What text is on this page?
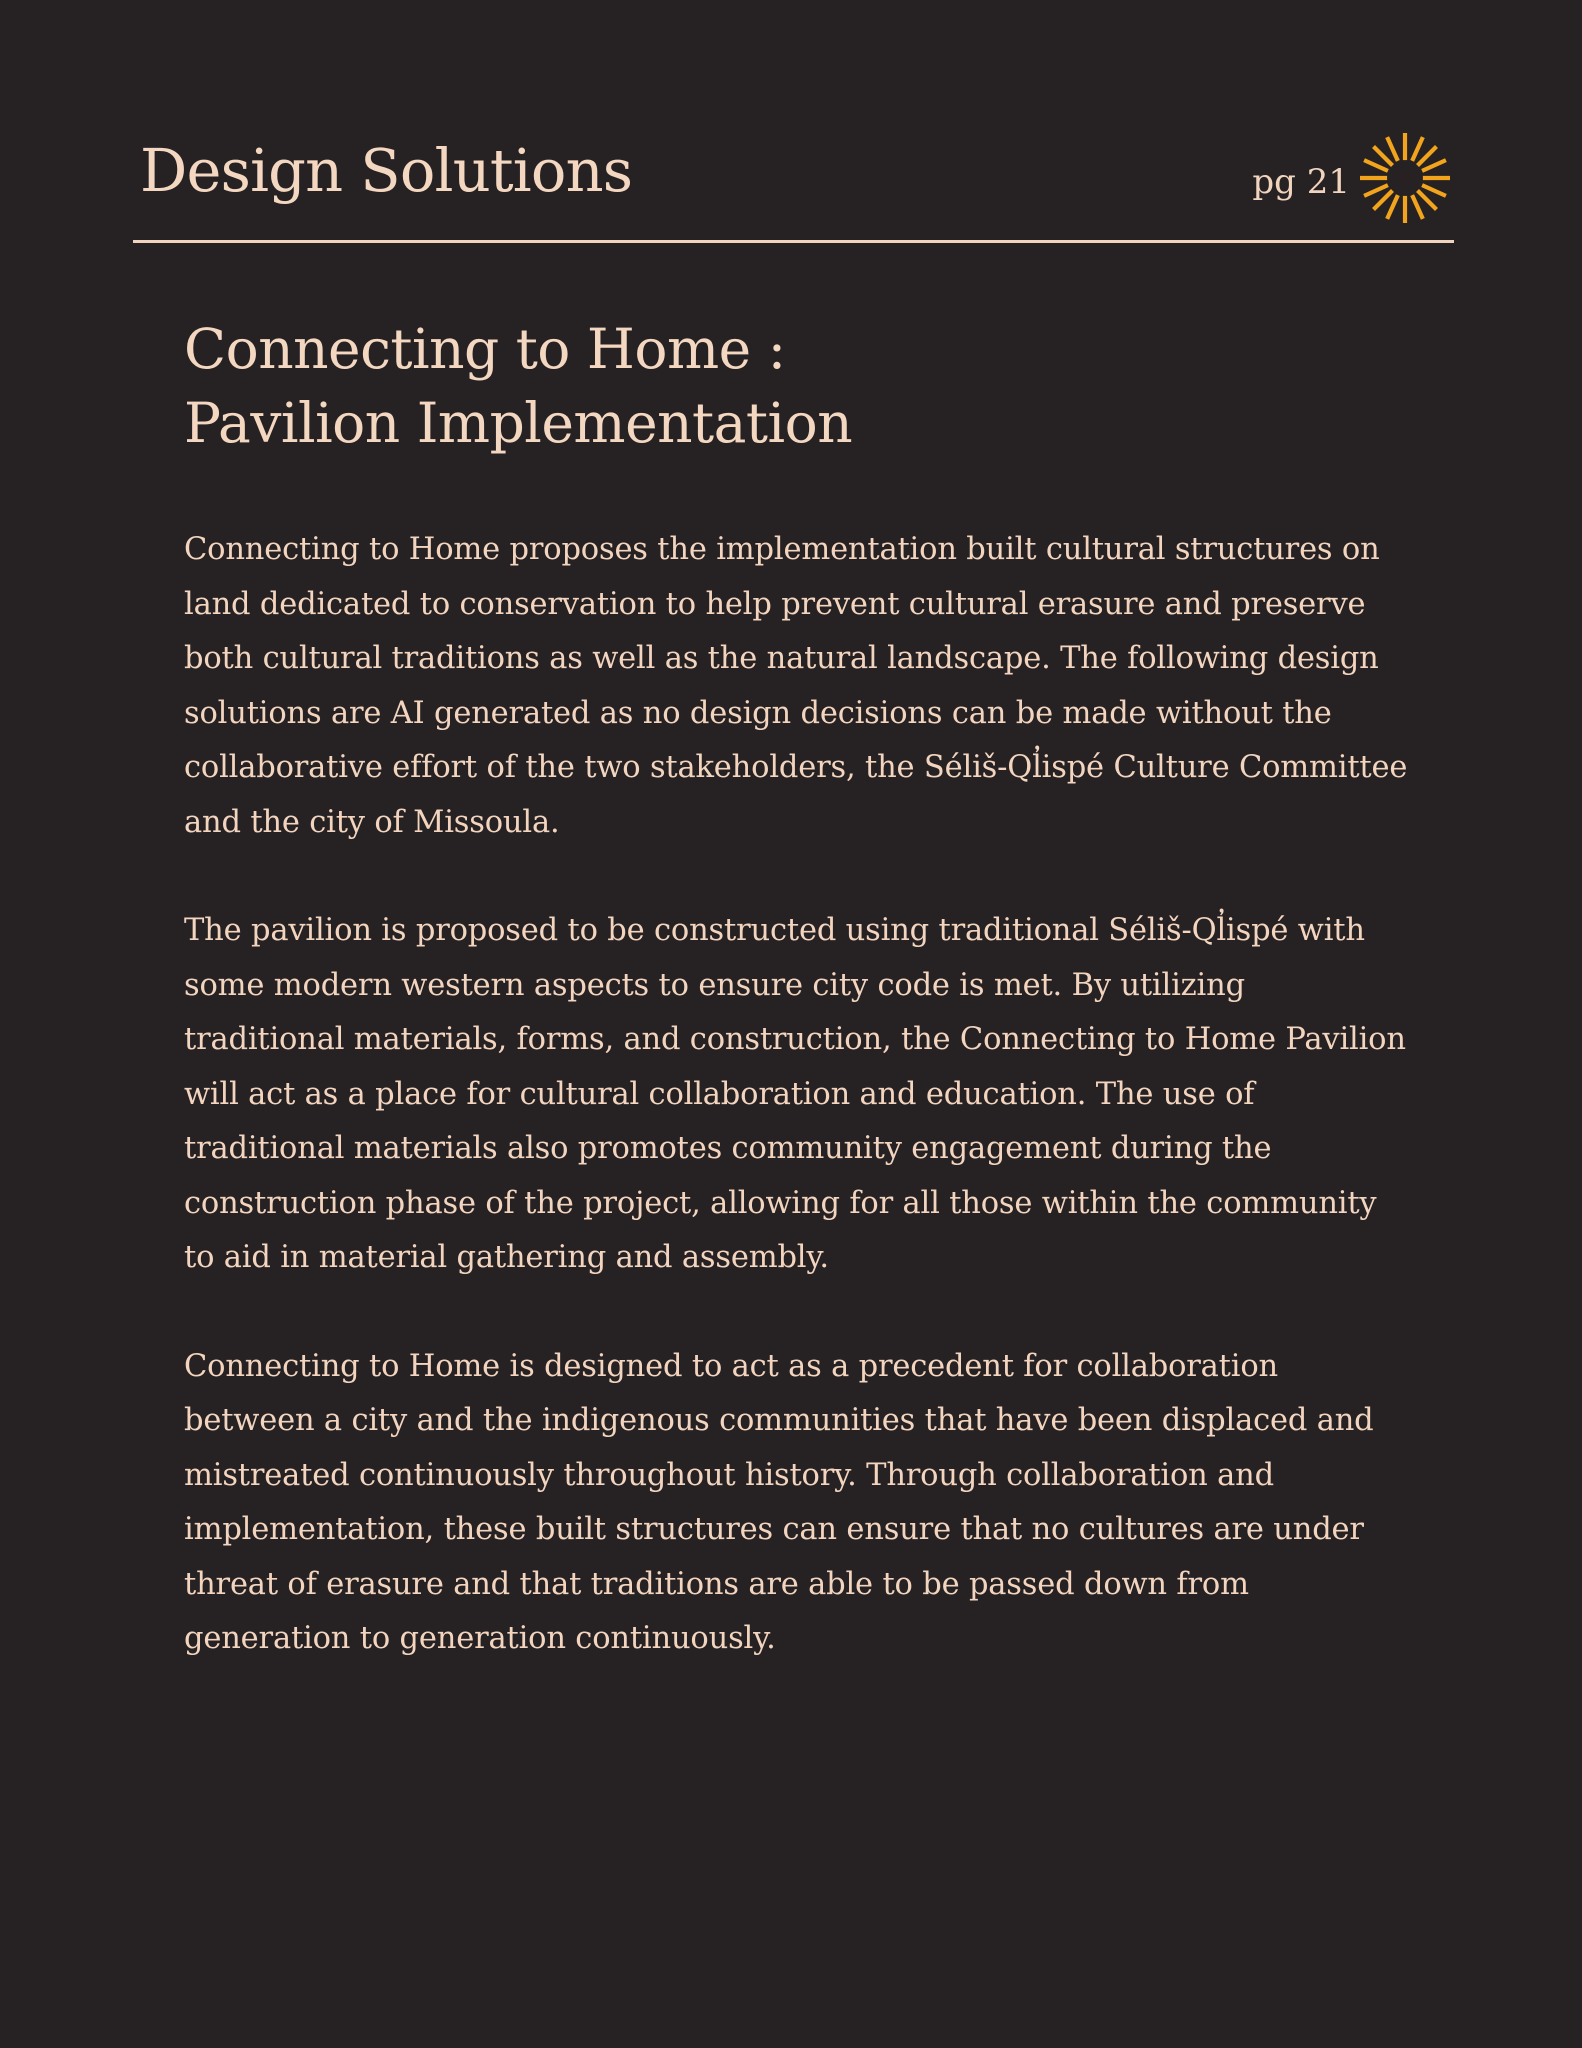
Design Solutions	pg 21
Connecting to Home :
Pavilion Implementation

Connecting to Home proposes the implementation built cultural structures on land dedicated to conservation to help prevent cultural erasure and preserve both cultural traditions as well as the natural landscape. The following design solutions are AI generated as no design decisions can be made without the collaborative effort of the two stakeholders, the Séliš-Ql̓ispé Culture Committee and the city of Missoula.

The pavilion is proposed to be constructed using traditional Séliš-Ql̓ispé with some modern western aspects to ensure city code is met. By utilizing traditional materials, forms, and construction, the Connecting to Home Pavilion will act as a place for cultural collaboration and education. The use of traditional materials also promotes community engagement during the construction phase of the project, allowing for all those within the community to aid in material gathering and assembly.

Connecting to Home is designed to act as a precedent for collaboration between a city and the indigenous communities that have been displaced and mistreated continuously throughout history. Through collaboration and implementation, these built structures can ensure that no cultures are under threat of erasure and that traditions are able to be passed down from generation to generation continuously.
